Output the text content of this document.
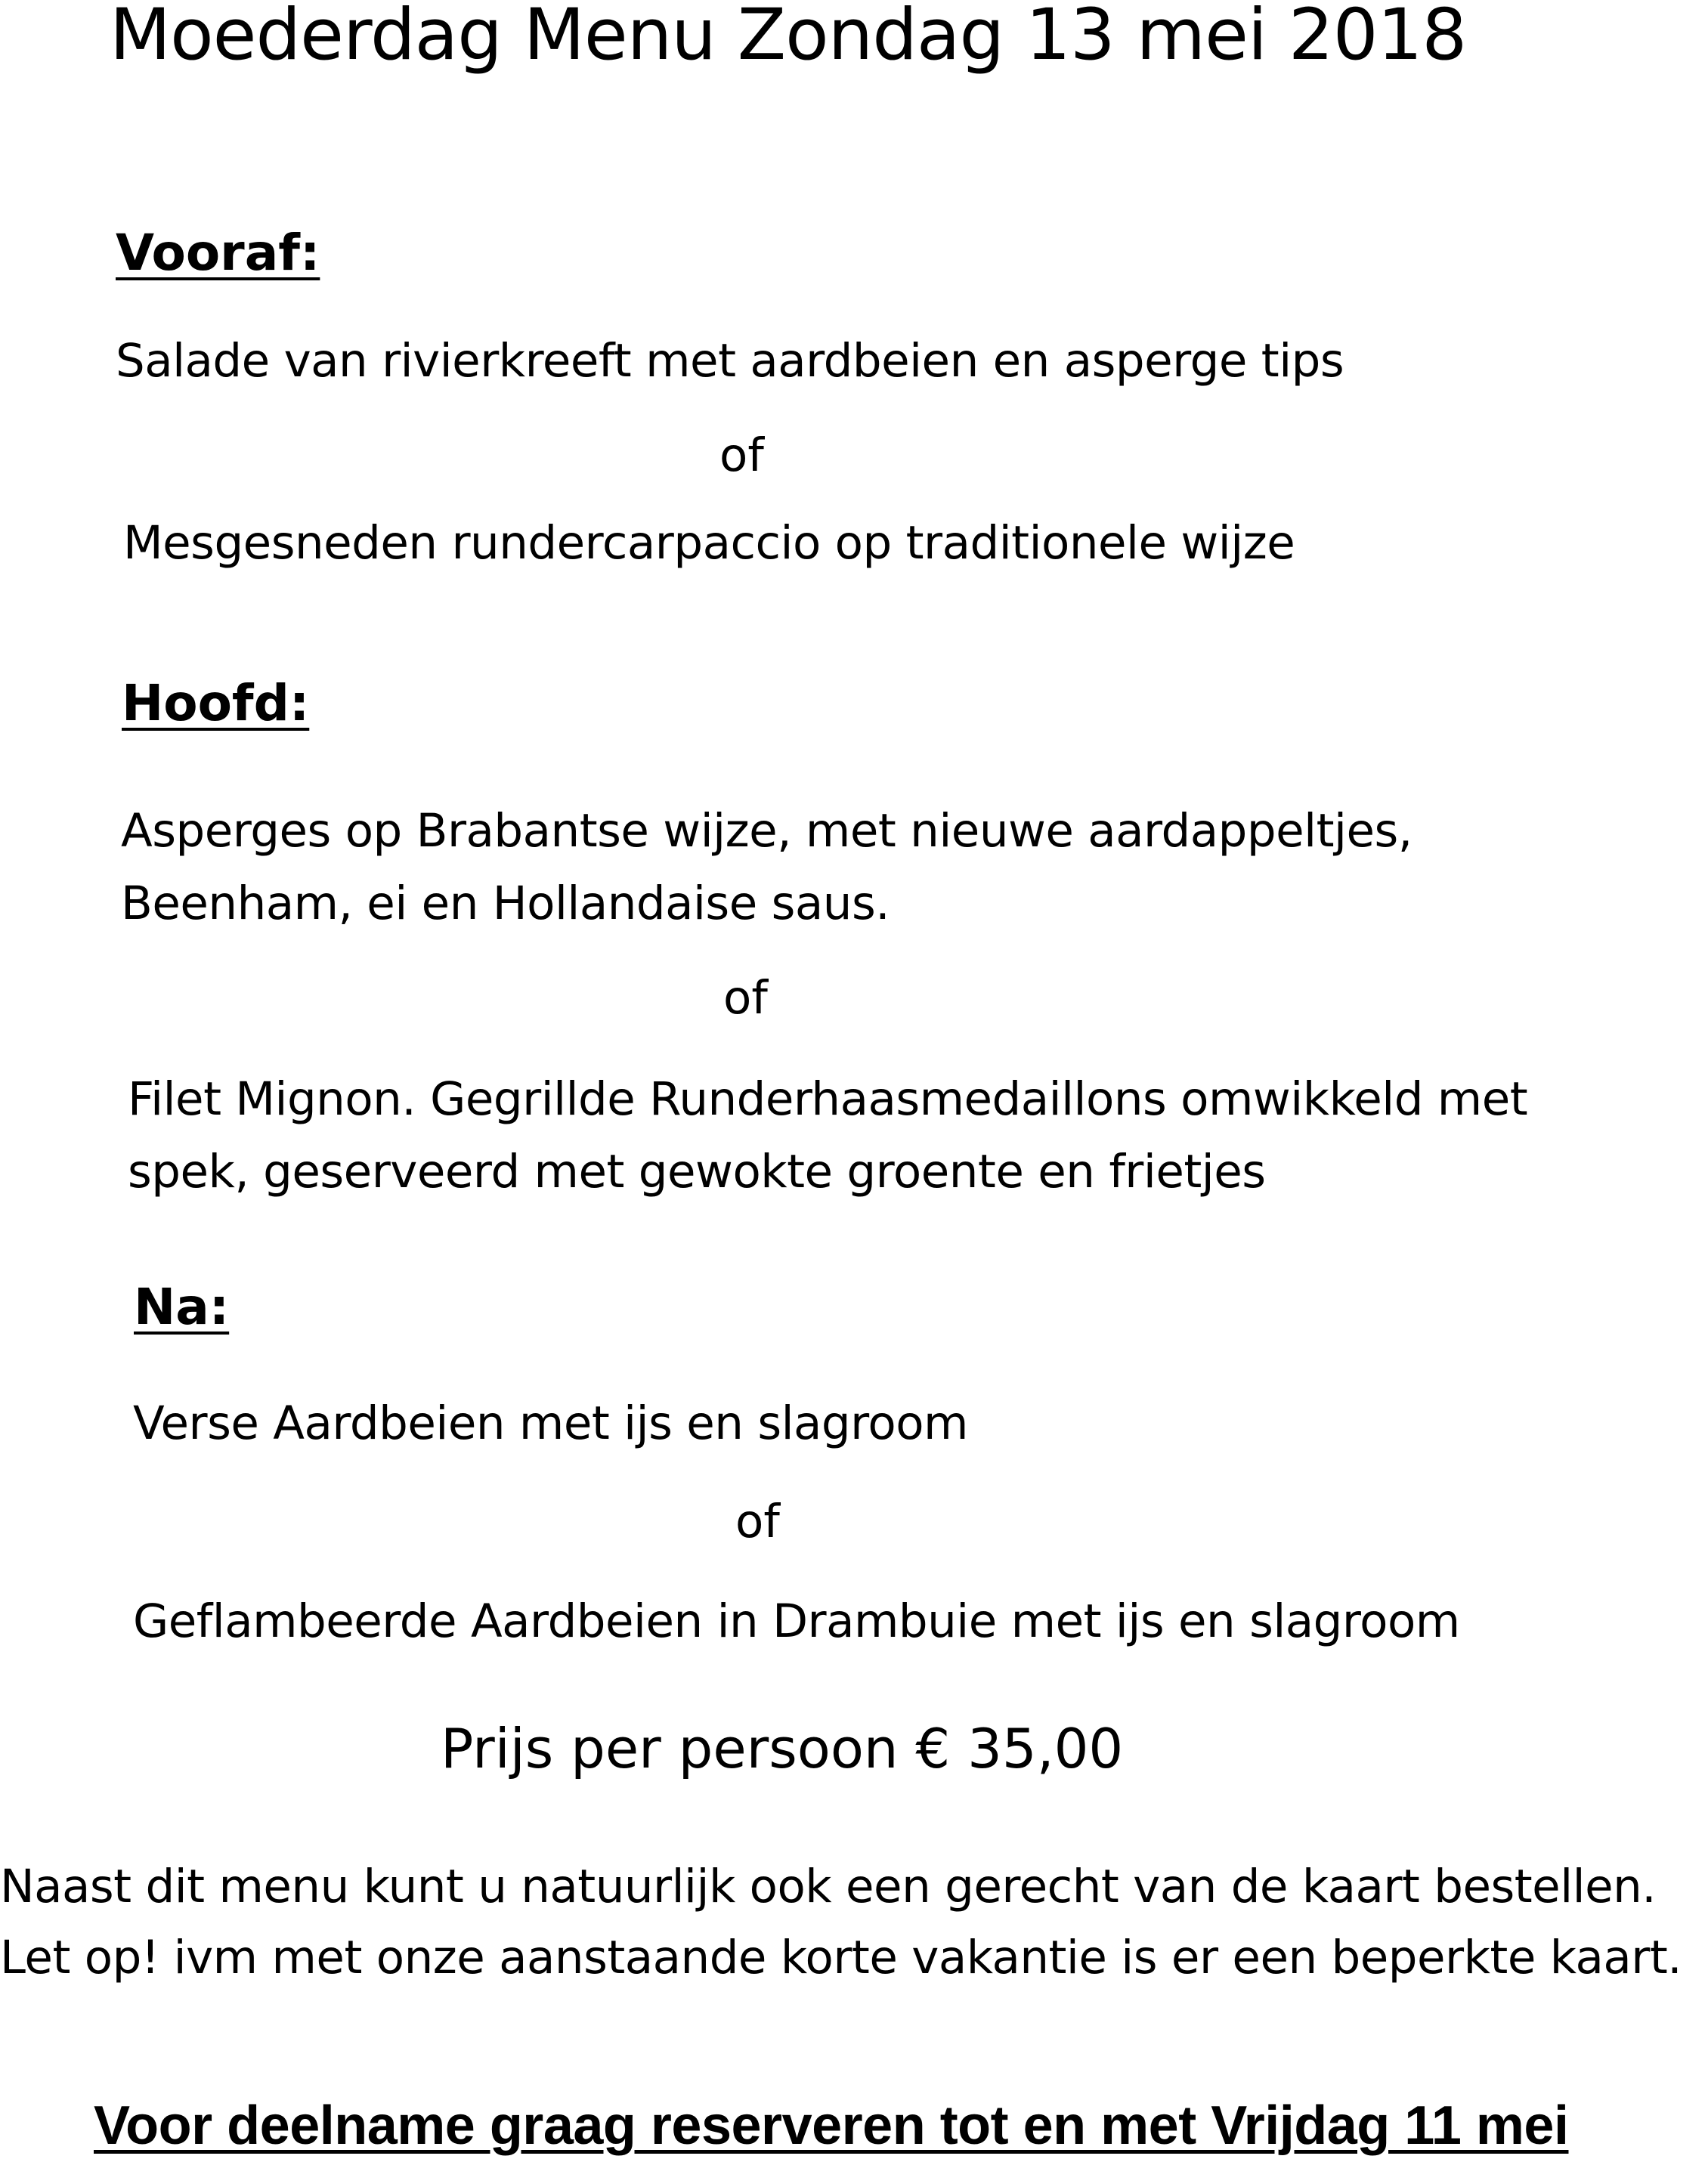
Moederdag Menu Zondag 13 mei 2018
Vooraf:
Salade van rivierkreeft met aardbeien en asperge tips
of
Mesgesneden rundercarpaccio op traditionele wijze
Hoofd:
Asperges op Brabantse wijze, met nieuwe aardappeltjes,
Beenham, ei en Hollandaise saus.
of
Filet Mignon. Gegrillde Runderhaasmedaillons omwikkeld met
spek, geserveerd met gewokte groente en frietjes
Na:
Verse Aardbeien met ijs en slagroom
of
Geflambeerde Aardbeien in Drambuie met ijs en slagroom
Prijs per persoon € 35,00
Naast dit menu kunt u natuurlijk ook een gerecht van de kaart bestellen.
Let op! ivm met onze aanstaande korte vakantie is er een beperkte kaart.
Voor deelname graag reserveren tot en met Vrijdag 11 mei
